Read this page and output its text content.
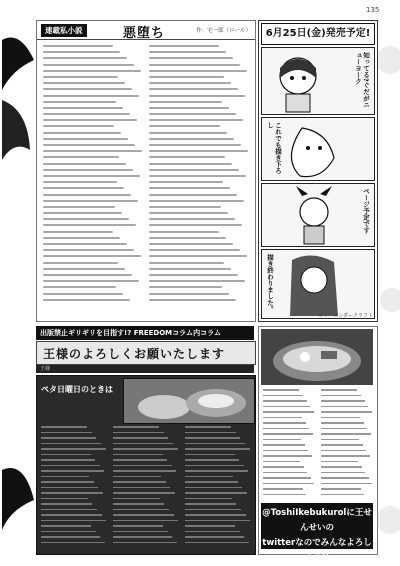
135
連載私小説	悪堕ち	作：宅一郎（ロール）	6月25日(金)発売予定!
知ってる?ぐだがニューヨーク
これでも描き下ろし
ページ予定です
描き終わりました。
ロリ・ロンダークラフト
出版禁止ギリギリを目指す!? FREEDOMコラム内コラム
王様のよろしくお願いたします
王様
ペタ日曜日のときは
@ToshiIkebukurolに王せんせいの
twitterなのでみんなよろしくね!!
